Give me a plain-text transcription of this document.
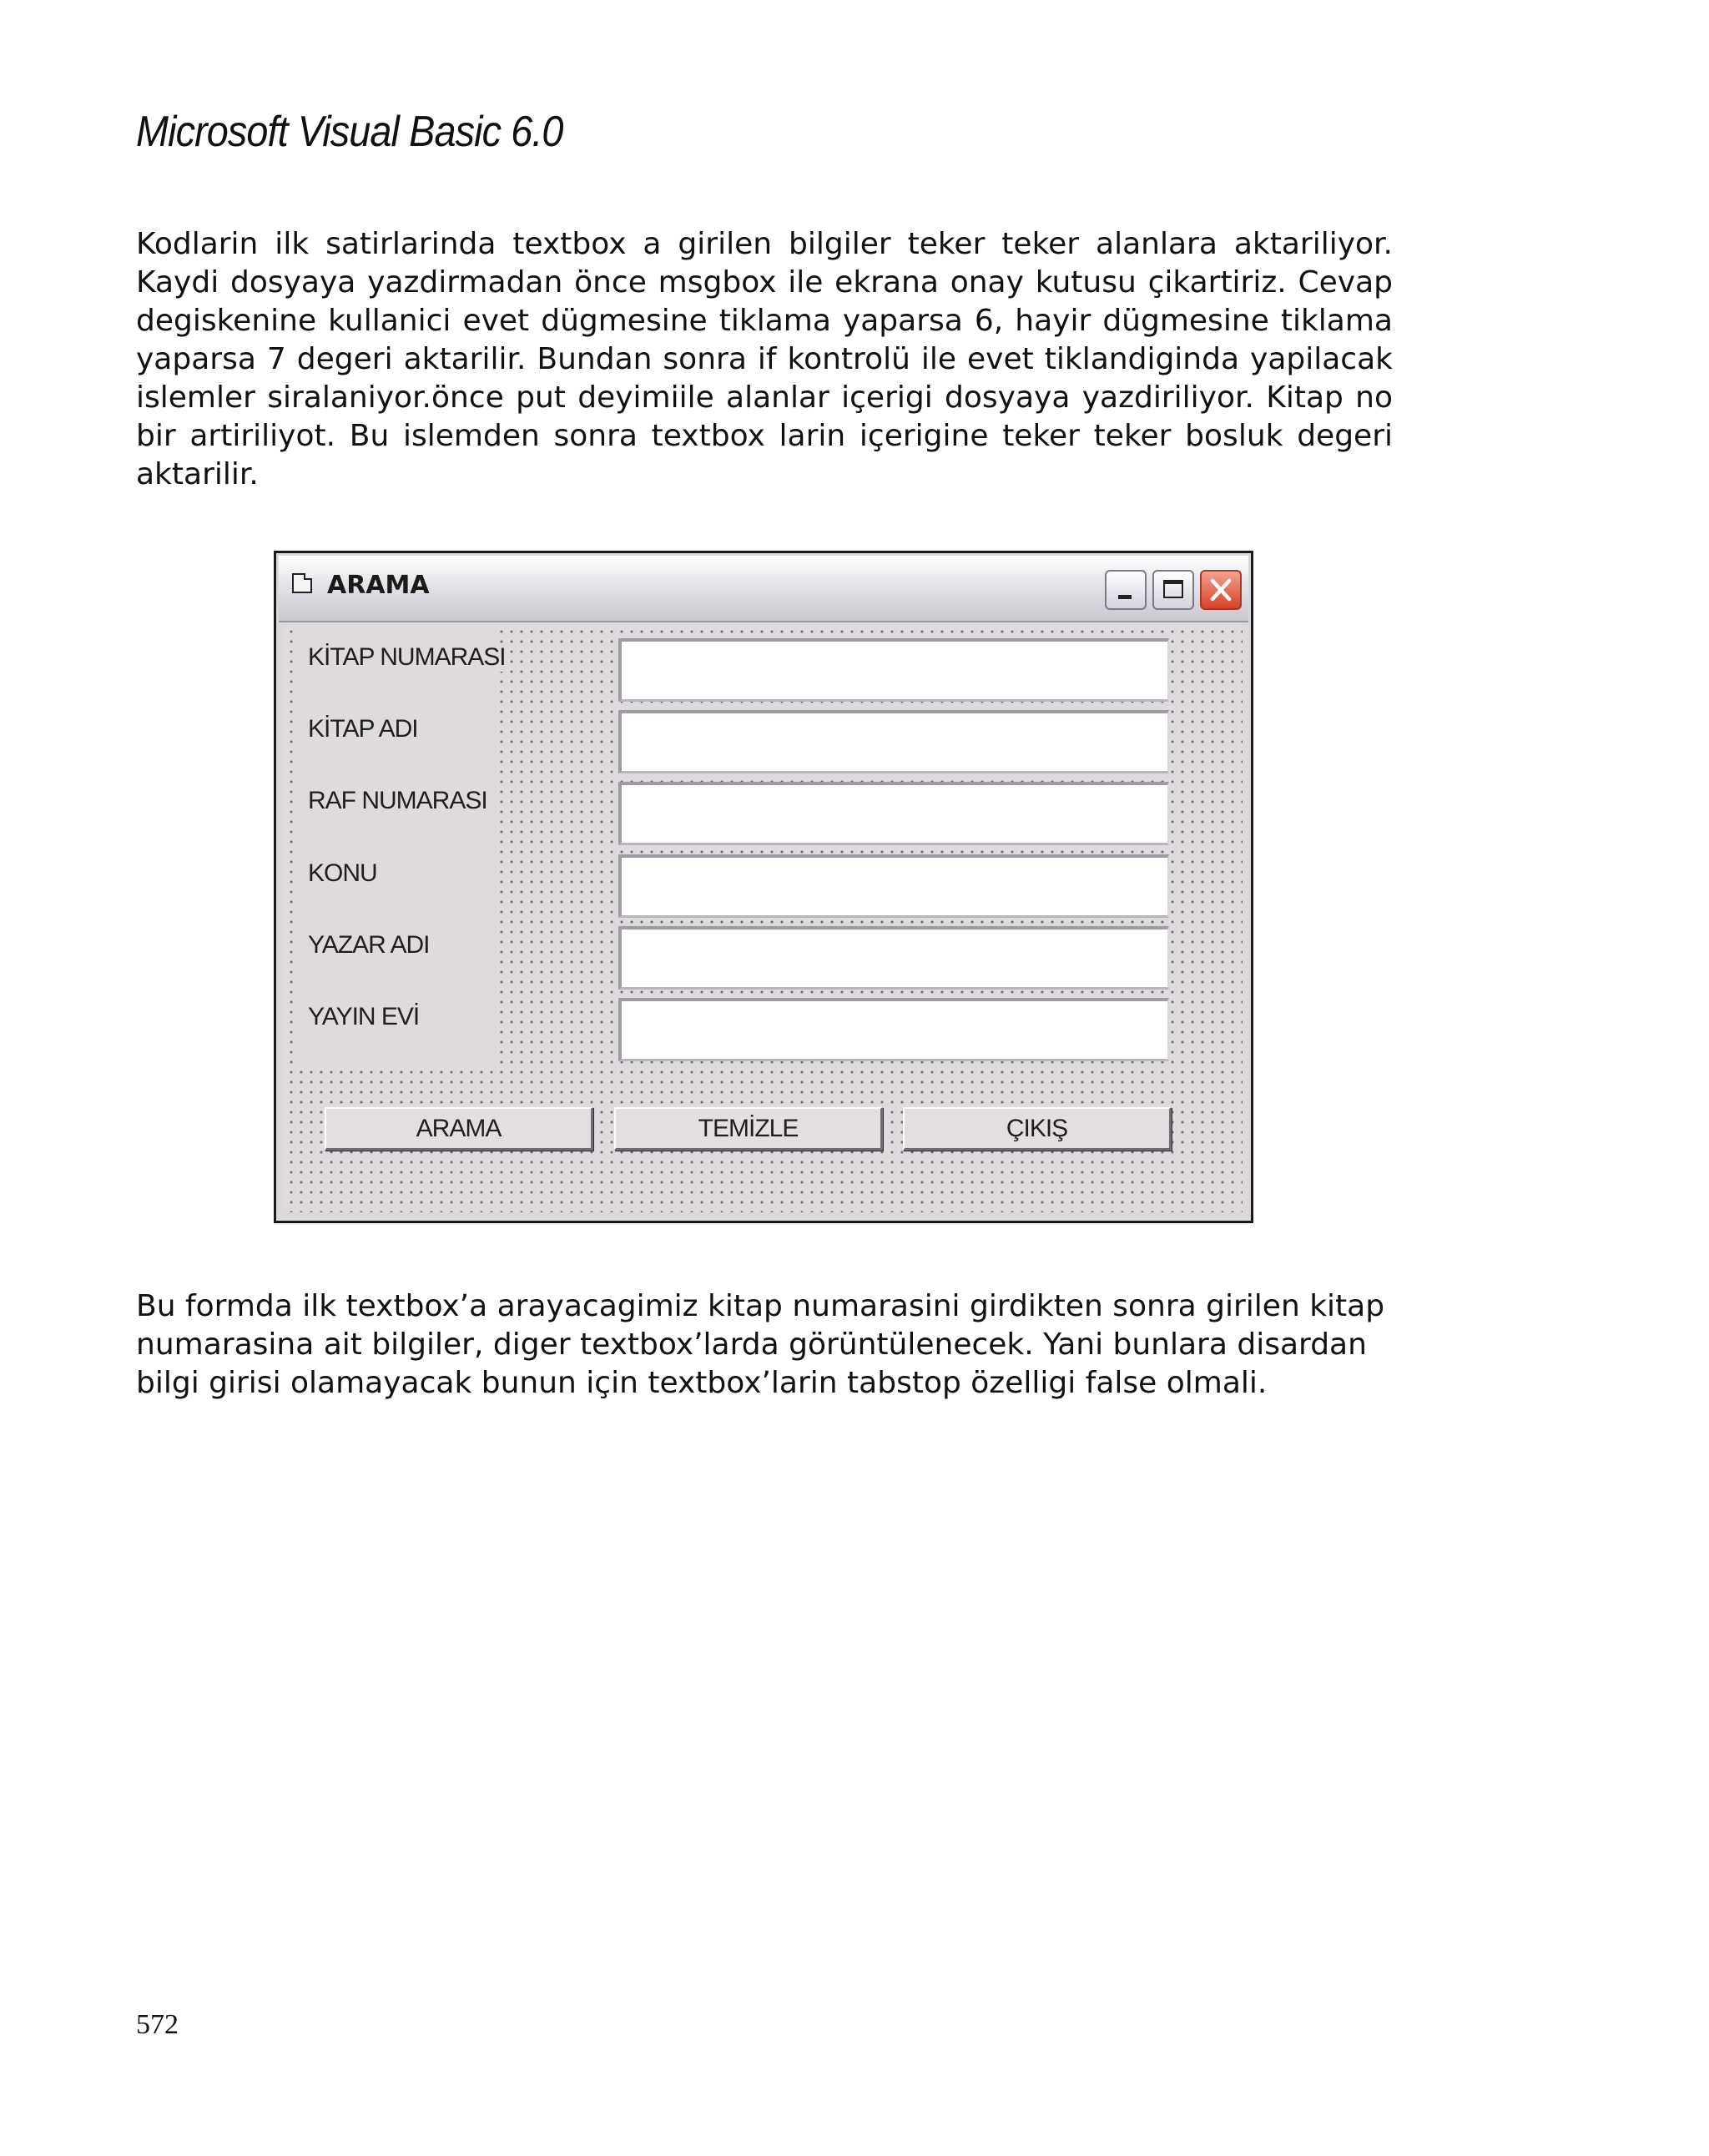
Microsoft Visual Basic 6.0
Kodlarin ilk satirlarinda textbox a girilen bilgiler teker teker alanlara aktariliyor. Kaydi dosyaya yazdirmadan önce msgbox ile ekrana onay kutusu çikartiriz. Cevap degiskenine kullanici evet dügmesine tiklama yaparsa 6, hayir dügmesine tiklama yaparsa 7 degeri aktarilir. Bundan sonra if kontrolü ile evet tiklandiginda yapilacak islemler siralaniyor.önce put deyimiile alanlar içerigi dosyaya yazdiriliyor. Kitap no bir artiriliyot. Bu islemden sonra textbox larin içerigine teker teker bosluk degeri aktarilir.
ARAMA
KİTAP NUMARASI
KİTAP ADI
RAF NUMARASI
KONU
YAZAR ADI
YAYIN EVİ
ARAMA	TEMİZLE	ÇIKIŞ
Bu formda ilk textbox’a arayacagimiz kitap numarasini girdikten sonra girilen kitap numarasina ait bilgiler, diger textbox’larda görüntülenecek. Yani bunlara disardan bilgi girisi olamayacak bunun için textbox’larin tabstop özelligi false olmali.
572
